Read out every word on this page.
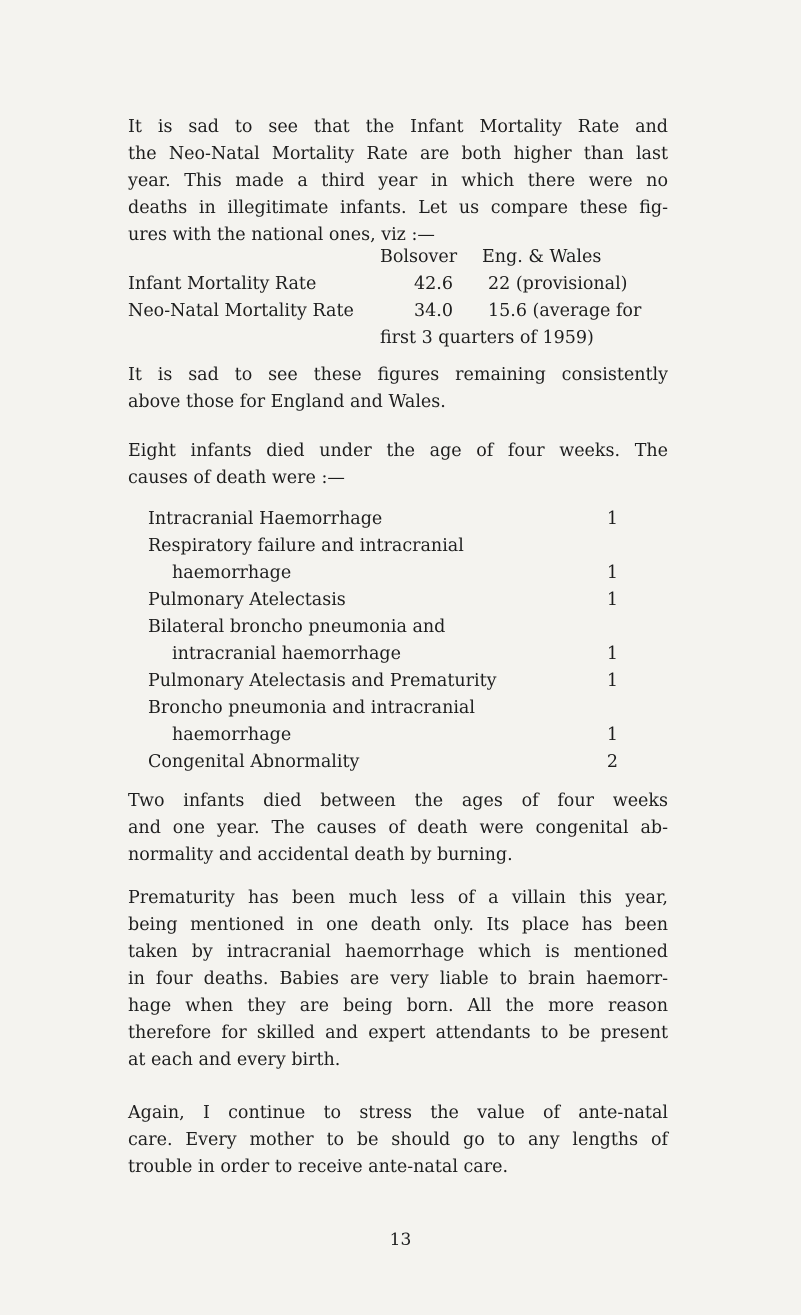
It is sad to see that the Infant Mortality Rate and
the Neo-Natal Mortality Rate are both higher than last
year. This made a third year in which there were no
deaths in illegitimate infants. Let us compare these fig-
ures with the national ones, viz :—
Bolsover Eng. & Wales
Infant Mortality Rate	42.6 22 (provisional)
Neo-Natal Mortality Rate	34.0 15.6 (average for
first 3 quarters of 1959)
It is sad to see these figures remaining consistently
above those for England and Wales.
Eight infants died under the age of four weeks. The
causes of death were :—
Intracranial Haemorrhage	1
Respiratory failure and intracranial
haemorrhage	1
Pulmonary Atelectasis	1
Bilateral broncho pneumonia and
intracranial haemorrhage	1
Pulmonary Atelectasis and Prematurity	1
Broncho pneumonia and intracranial
haemorrhage	1
Congenital Abnormality	2
Two infants died between the ages of four weeks
and one year. The causes of death were congenital ab-
normality and accidental death by burning.
Prematurity has been much less of a villain this year,
being mentioned in one death only. Its place has been
taken by intracranial haemorrhage which is mentioned
in four deaths. Babies are very liable to brain haemorr-
hage when they are being born. All the more reason
therefore for skilled and expert attendants to be present
at each and every birth.
Again, I continue to stress the value of ante-natal
care. Every mother to be should go to any lengths of
trouble in order to receive ante-natal care.
13
